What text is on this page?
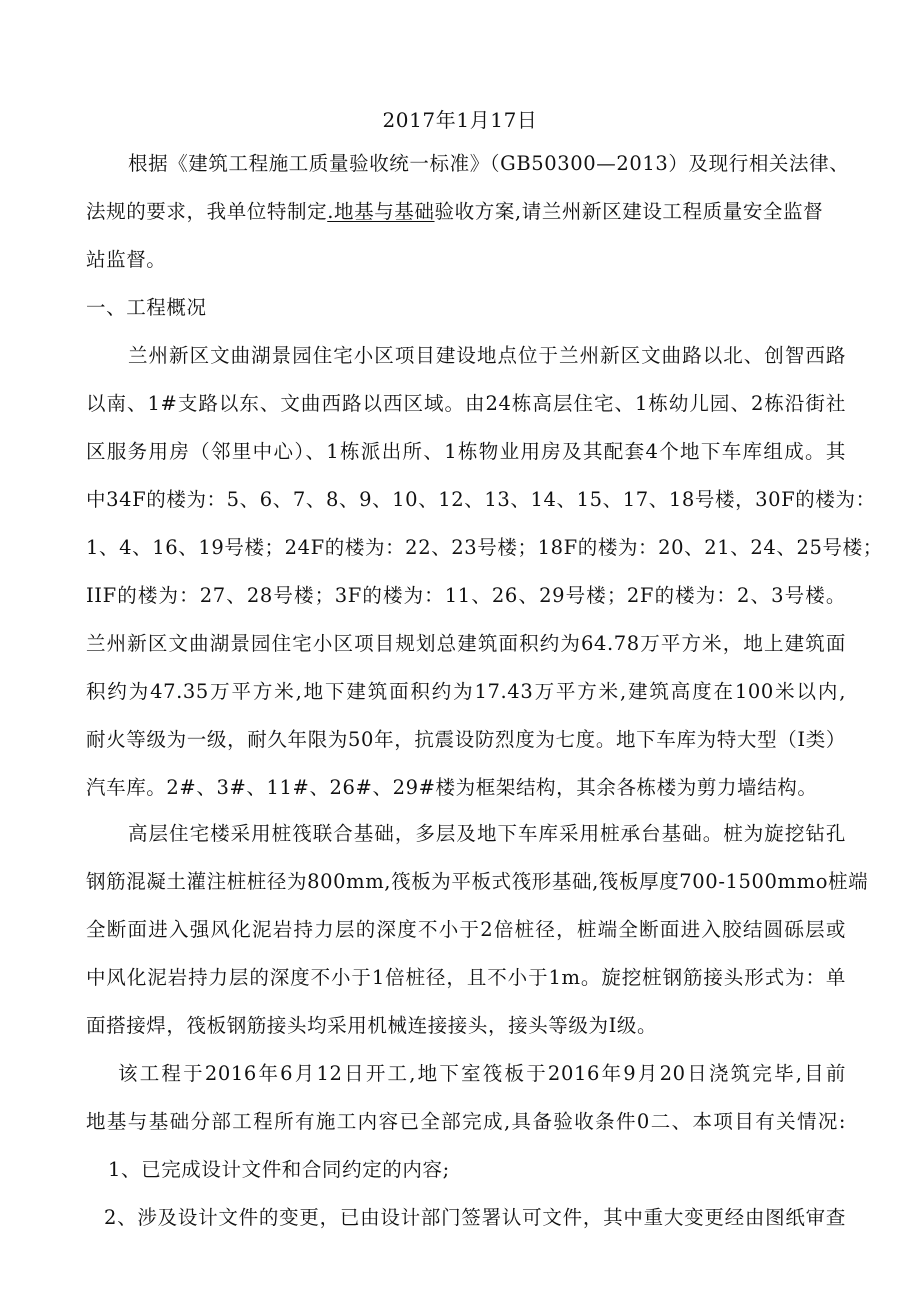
2017年1月17日
根据《建筑工程施工质量验收统一标准》（GB50300—2013）及现行相关法律、
法规的要求，我单位特制定.地基与基础验收方案,请兰州新区建设工程质量安全监督
站监督。
一、工程概况
兰州新区文曲湖景园住宅小区项目建设地点位于兰州新区文曲路以北、创智西路
以南、1#支路以东、文曲西路以西区域。由24栋高层住宅、1栋幼儿园、2栋沿街社
区服务用房（邻里中心）、1栋派出所、1栋物业用房及其配套4个地下车库组成。其
中34F的楼为：5、6、7、8、9、10、12、13、14、15、17、18号楼，30F的楼为：
1、4、16、19号楼；24F的楼为：22、23号楼；18F的楼为：20、21、24、25号楼；
IIF的楼为：27、28号楼；3F的楼为：11、26、29号楼；2F的楼为：2、3号楼。
兰州新区文曲湖景园住宅小区项目规划总建筑面积约为64.78万平方米，地上建筑面
积约为47.35万平方米,地下建筑面积约为17.43万平方米,建筑高度在100米以内,
耐火等级为一级，耐久年限为50年，抗震设防烈度为七度。地下车库为特大型（I类）
汽车库。2#、3#、11#、26#、29#楼为框架结构，其余各栋楼为剪力墙结构。
高层住宅楼采用桩筏联合基础，多层及地下车库采用桩承台基础。桩为旋挖钻孔
钢筋混凝土灌注桩桩径为800mm,筏板为平板式筏形基础,筏板厚度700-1500mmo桩端
全断面进入强风化泥岩持力层的深度不小于2倍桩径，桩端全断面进入胶结圆砾层或
中风化泥岩持力层的深度不小于1倍桩径，且不小于1m。旋挖桩钢筋接头形式为：单
面搭接焊，筏板钢筋接头均采用机械连接接头，接头等级为I级。
该工程于2016年6月12日开工,地下室筏板于2016年9月20日浇筑完毕,目前
地基与基础分部工程所有施工内容已全部完成,具备验收条件0二、本项目有关情况:
1、已完成设计文件和合同约定的内容;
2、涉及设计文件的变更，已由设计部门签署认可文件，其中重大变更经由图纸审查
